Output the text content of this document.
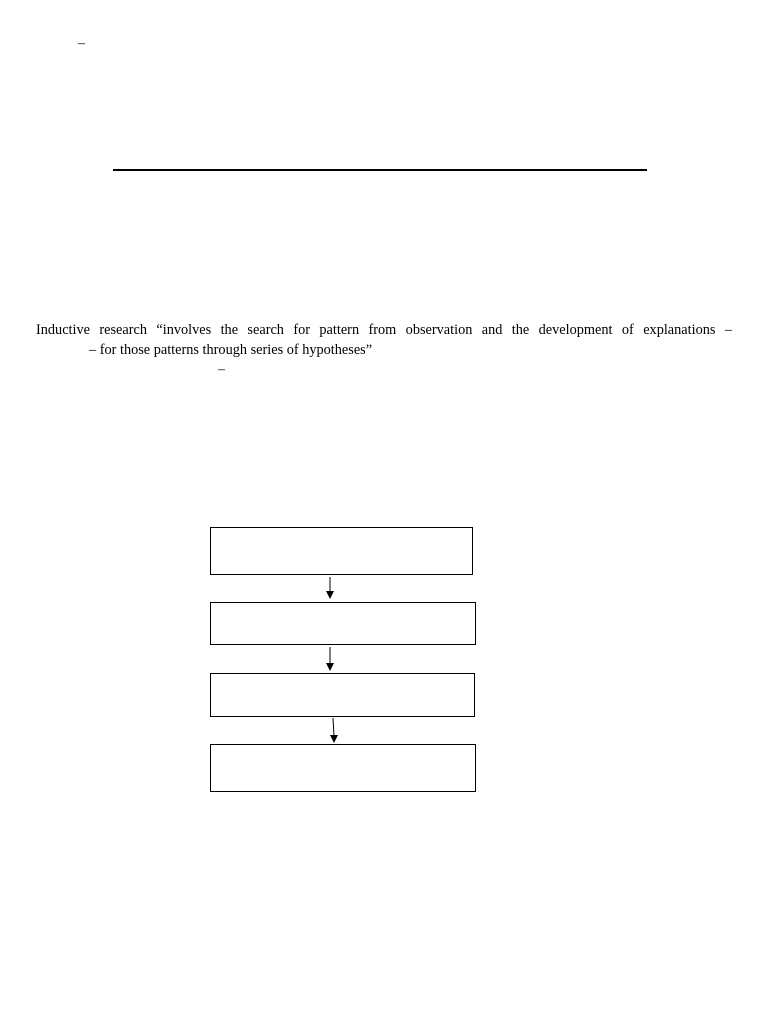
–
Inductive research “involves the search for pattern from observation and the development of explanations –
– for those patterns through series of hypotheses”
–
